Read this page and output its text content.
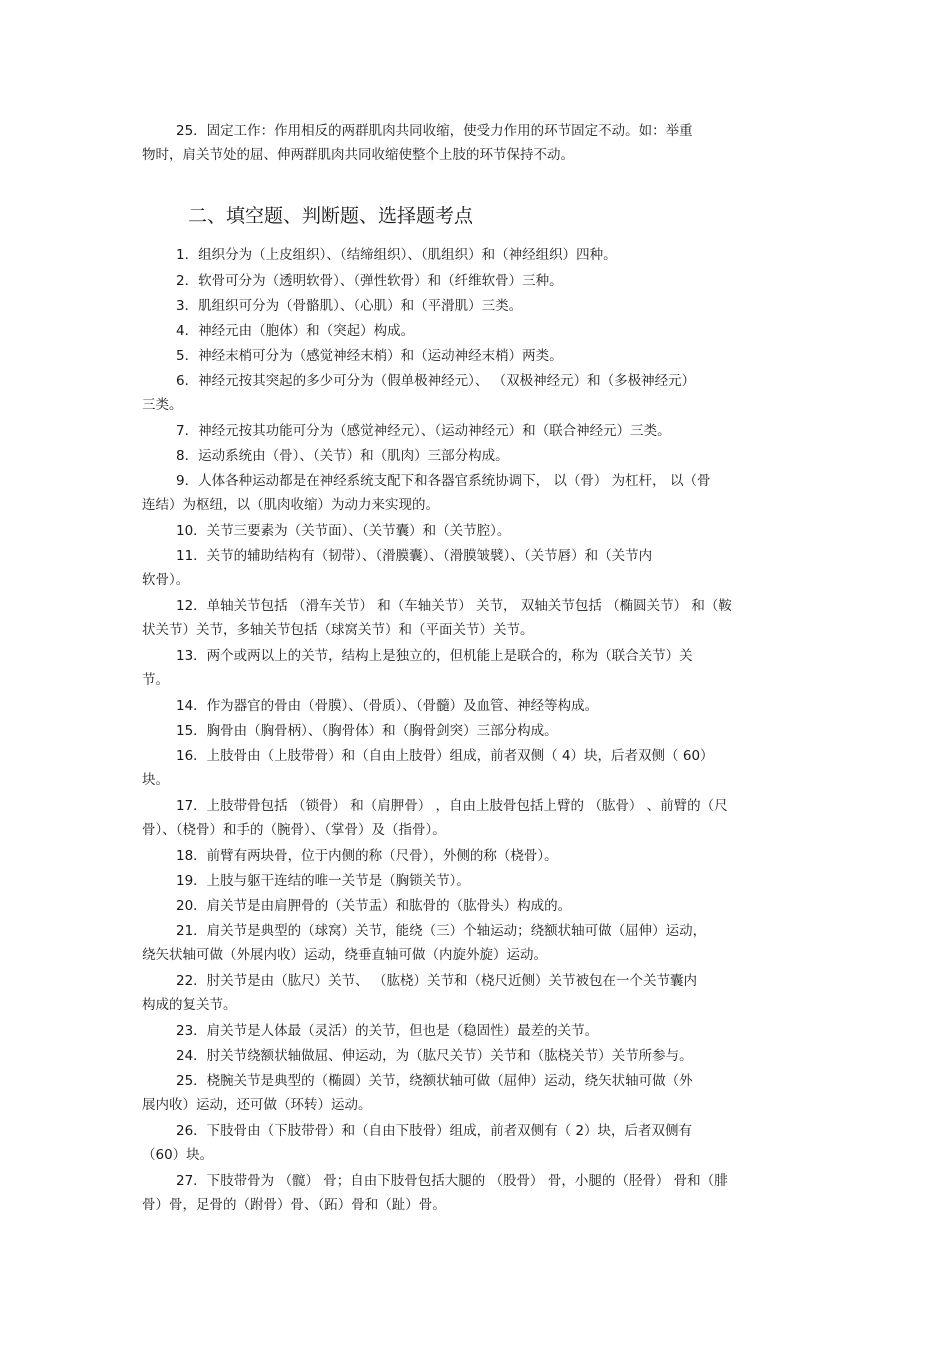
25．固定工作：作用相反的两群肌肉共同收缩，使受力作用的环节固定不动。如：举重
物时，肩关节处的屈、伸两群肌肉共同收缩使整个上肢的环节保持不动。
二、填空题、判断题、选择题考点
1．组织分为（上皮组织）、（结缔组织）、（肌组织）和（神经组织）四种。
2．软骨可分为（透明软骨）、（弹性软骨）和（纤维软骨）三种。
3．肌组织可分为（骨骼肌）、（心肌）和（平滑肌）三类。
4．神经元由（胞体）和（突起）构成。
5．神经末梢可分为（感觉神经末梢）和（运动神经末梢）两类。
6．神经元按其突起的多少可分为（假单极神经元）、 （双极神经元）和（多极神经元）
三类。
7．神经元按其功能可分为（感觉神经元）、（运动神经元）和（联合神经元）三类。
8．运动系统由（骨）、（关节）和（肌肉）三部分构成。
9．人体各种运动都是在神经系统支配下和各器官系统协调下， 以（骨） 为杠杆， 以（骨
连结）为枢纽，以（肌肉收缩）为动力来实现的。
10．关节三要素为（关节面）、（关节囊）和（关节腔）。
11．关节的辅助结构有（韧带）、（滑膜囊）、（滑膜皱襞）、（关节唇）和（关节内
软骨）。
12．单轴关节包括 （滑车关节） 和（车轴关节） 关节， 双轴关节包括 （椭圆关节） 和（鞍
状关节）关节，多轴关节包括（球窝关节）和（平面关节）关节。
13．两个或两以上的关节，结构上是独立的，但机能上是联合的，称为（联合关节）关
节。
14．作为器官的骨由（骨膜）、（骨质）、（骨髓）及血管、神经等构成。
15．胸骨由（胸骨柄）、（胸骨体）和（胸骨剑突）三部分构成。
16．上肢骨由（上肢带骨）和（自由上肢骨）组成，前者双侧（ 4）块，后者双侧（ 60）
块。
17．上肢带骨包括 （锁骨） 和（肩胛骨） ，自由上肢骨包括上臂的 （肱骨） 、前臂的（尺
骨）、（桡骨）和手的（腕骨）、（掌骨）及（指骨）。
18．前臂有两块骨，位于内侧的称（尺骨），外侧的称（桡骨）。
19．上肢与躯干连结的唯一关节是（胸锁关节）。
20．肩关节是由肩胛骨的（关节盂）和肱骨的（肱骨头）构成的。
21．肩关节是典型的（球窝）关节，能绕（三）个轴运动；绕额状轴可做（屈伸）运动，
绕矢状轴可做（外展内收）运动，绕垂直轴可做（内旋外旋）运动。
22．肘关节是由（肱尺）关节、 （肱桡）关节和（桡尺近侧）关节被包在一个关节囊内
构成的复关节。
23．肩关节是人体最（灵活）的关节，但也是（稳固性）最差的关节。
24．肘关节绕额状轴做屈、伸运动，为（肱尺关节）关节和（肱桡关节）关节所参与。
25．桡腕关节是典型的（椭圆）关节，绕额状轴可做（屈伸）运动，绕矢状轴可做（外
展内收）运动，还可做（环转）运动。
26．下肢骨由（下肢带骨）和（自由下肢骨）组成，前者双侧有（ 2）块，后者双侧有
（60）块。
27．下肢带骨为 （髋） 骨；自由下肢骨包括大腿的 （股骨） 骨，小腿的（胫骨） 骨和（腓
骨）骨，足骨的（跗骨）骨、（跖）骨和（趾）骨。
